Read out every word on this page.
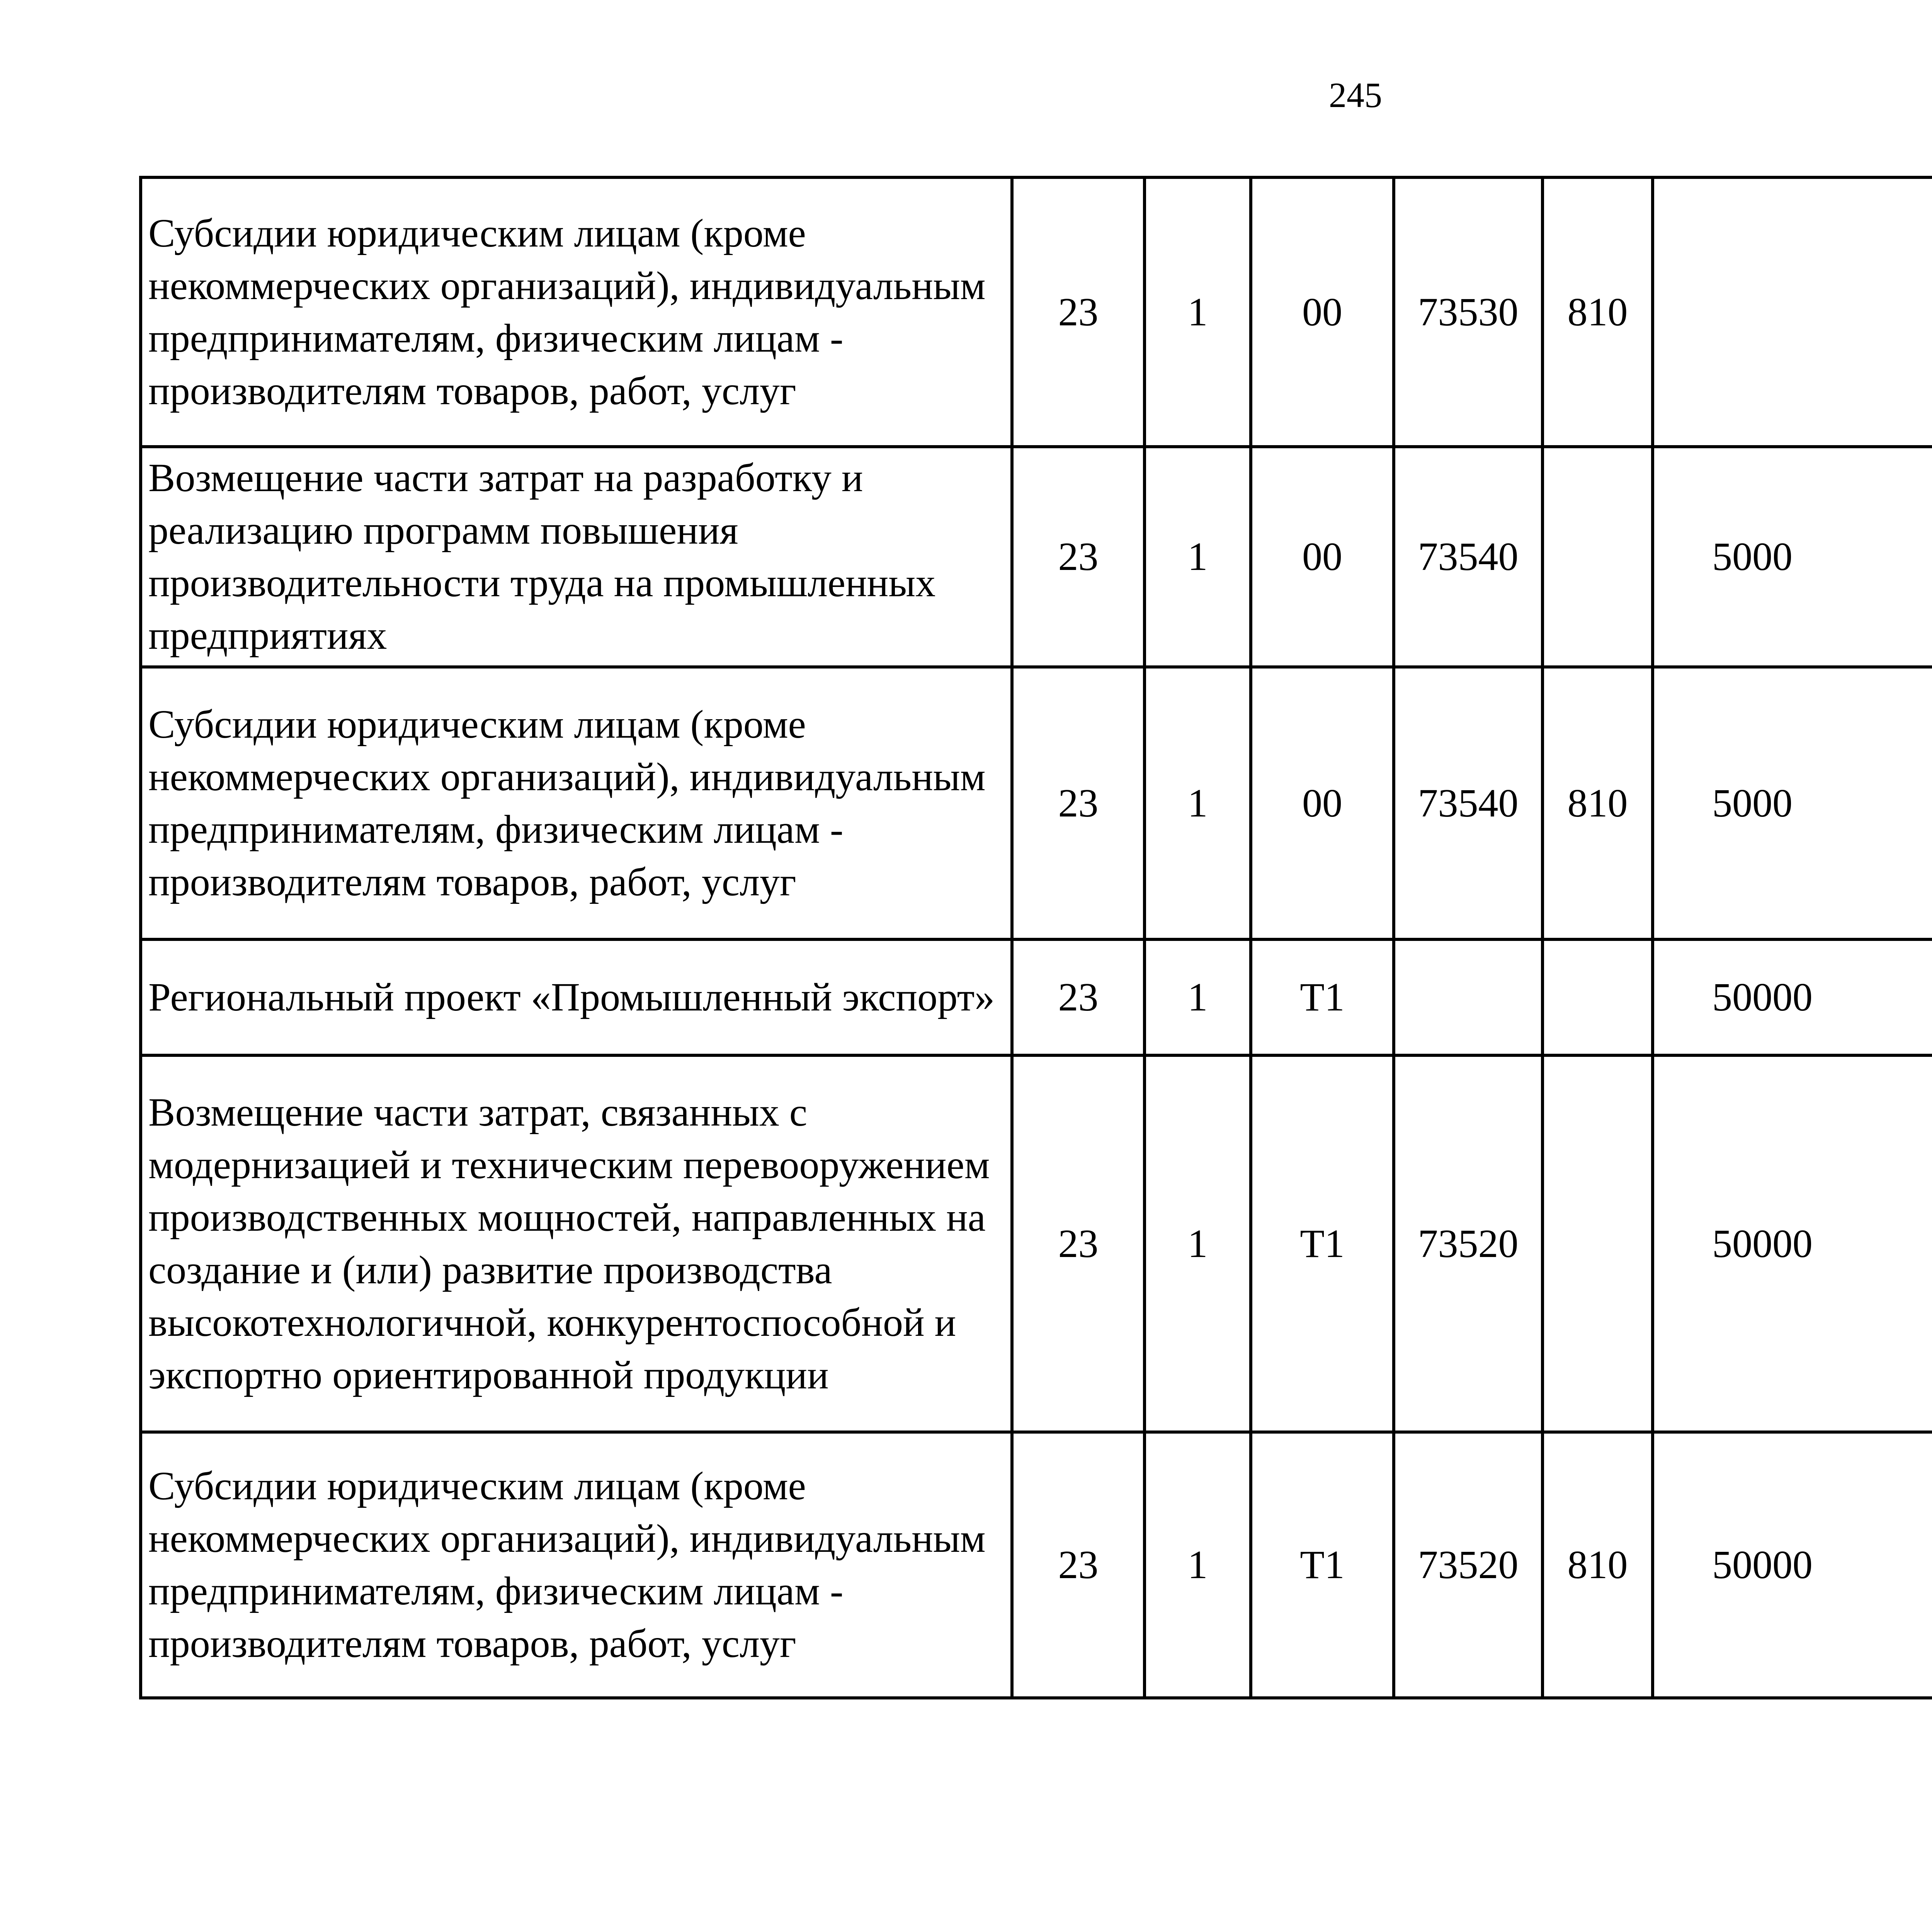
245
Субсидии юридическим лицам (кроме некоммерческих организаций), индивидуальным предпринимателям, физическим лицам - производителям товаров, работ, услуг	23	1	00	73530	810			
Возмещение части затрат на разработку и реализацию программ повышения производительности труда на промышленных предприятиях	23	1	00	73540		5000		
Субсидии юридическим лицам (кроме некоммерческих организаций), индивидуальным предпринимателям, физическим лицам - производителям товаров, работ, услуг	23	1	00	73540	810	5000		
Региональный проект «Промышленный экспорт»	23	1	T1			50000		
Возмещение части затрат, связанных с модернизацией и техническим перевооружением производственных мощностей, направленных на создание и (или) развитие производства высокотехнологичной, конкурентоспособной и экспортно ориентированной продукции	23	1	T1	73520		50000		
Субсидии юридическим лицам (кроме некоммерческих организаций), индивидуальным предпринимателям, физическим лицам - производителям товаров, работ, услуг	23	1	T1	73520	810	50000		
